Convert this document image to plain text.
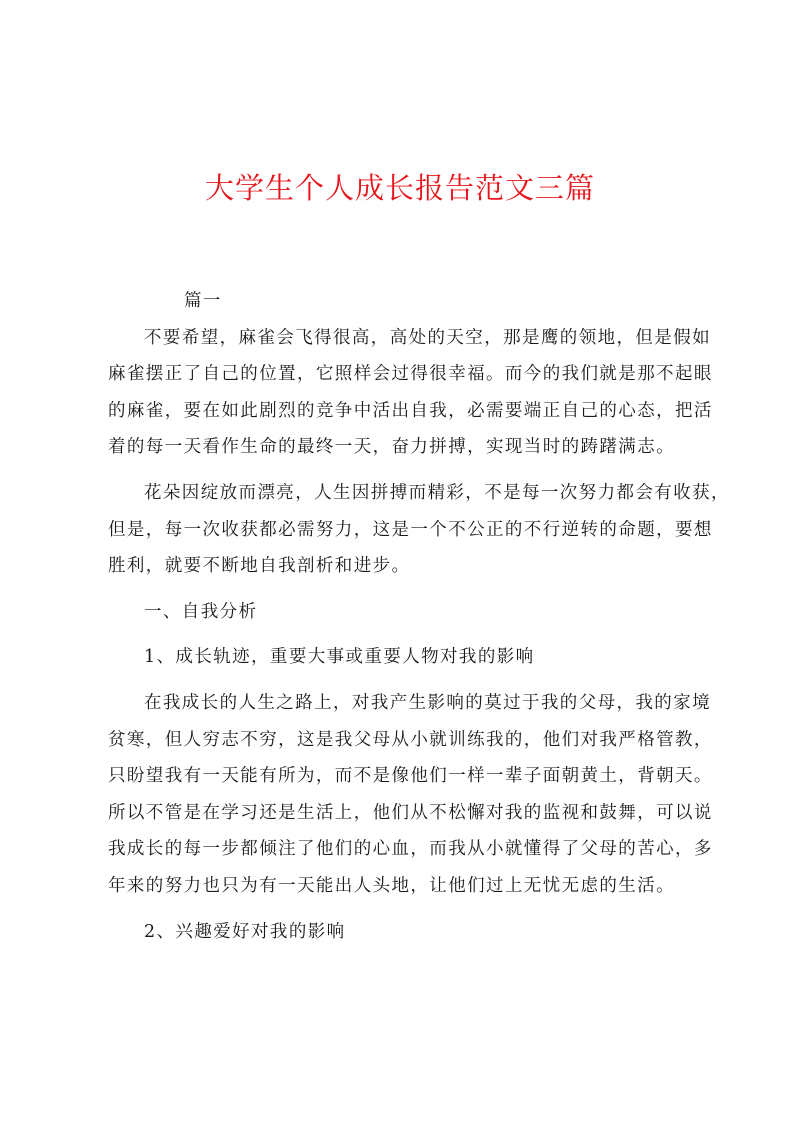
大学生个人成长报告范文三篇
篇一
不要希望，麻雀会飞得很高，高处的天空，那是鹰的领地，但是假如
麻雀摆正了自己的位置，它照样会过得很幸福。而今的我们就是那不起眼
的麻雀，要在如此剧烈的竞争中活出自我，必需要端正自己的心态，把活
着的每一天看作生命的最终一天，奋力拼搏，实现当时的踌躇满志。
花朵因绽放而漂亮，人生因拼搏而精彩，不是每一次努力都会有收获，
但是，每一次收获都必需努力，这是一个不公正的不行逆转的命题，要想
胜利，就要不断地自我剖析和进步。
一、自我分析
1、成长轨迹，重要大事或重要人物对我的影响
在我成长的人生之路上，对我产生影响的莫过于我的父母，我的家境
贫寒，但人穷志不穷，这是我父母从小就训练我的，他们对我严格管教，
只盼望我有一天能有所为，而不是像他们一样一辈子面朝黄土，背朝天。
所以不管是在学习还是生活上，他们从不松懈对我的监视和鼓舞，可以说
我成长的每一步都倾注了他们的心血，而我从小就懂得了父母的苦心，多
年来的努力也只为有一天能出人头地，让他们过上无忧无虑的生活。
2、兴趣爱好对我的影响
